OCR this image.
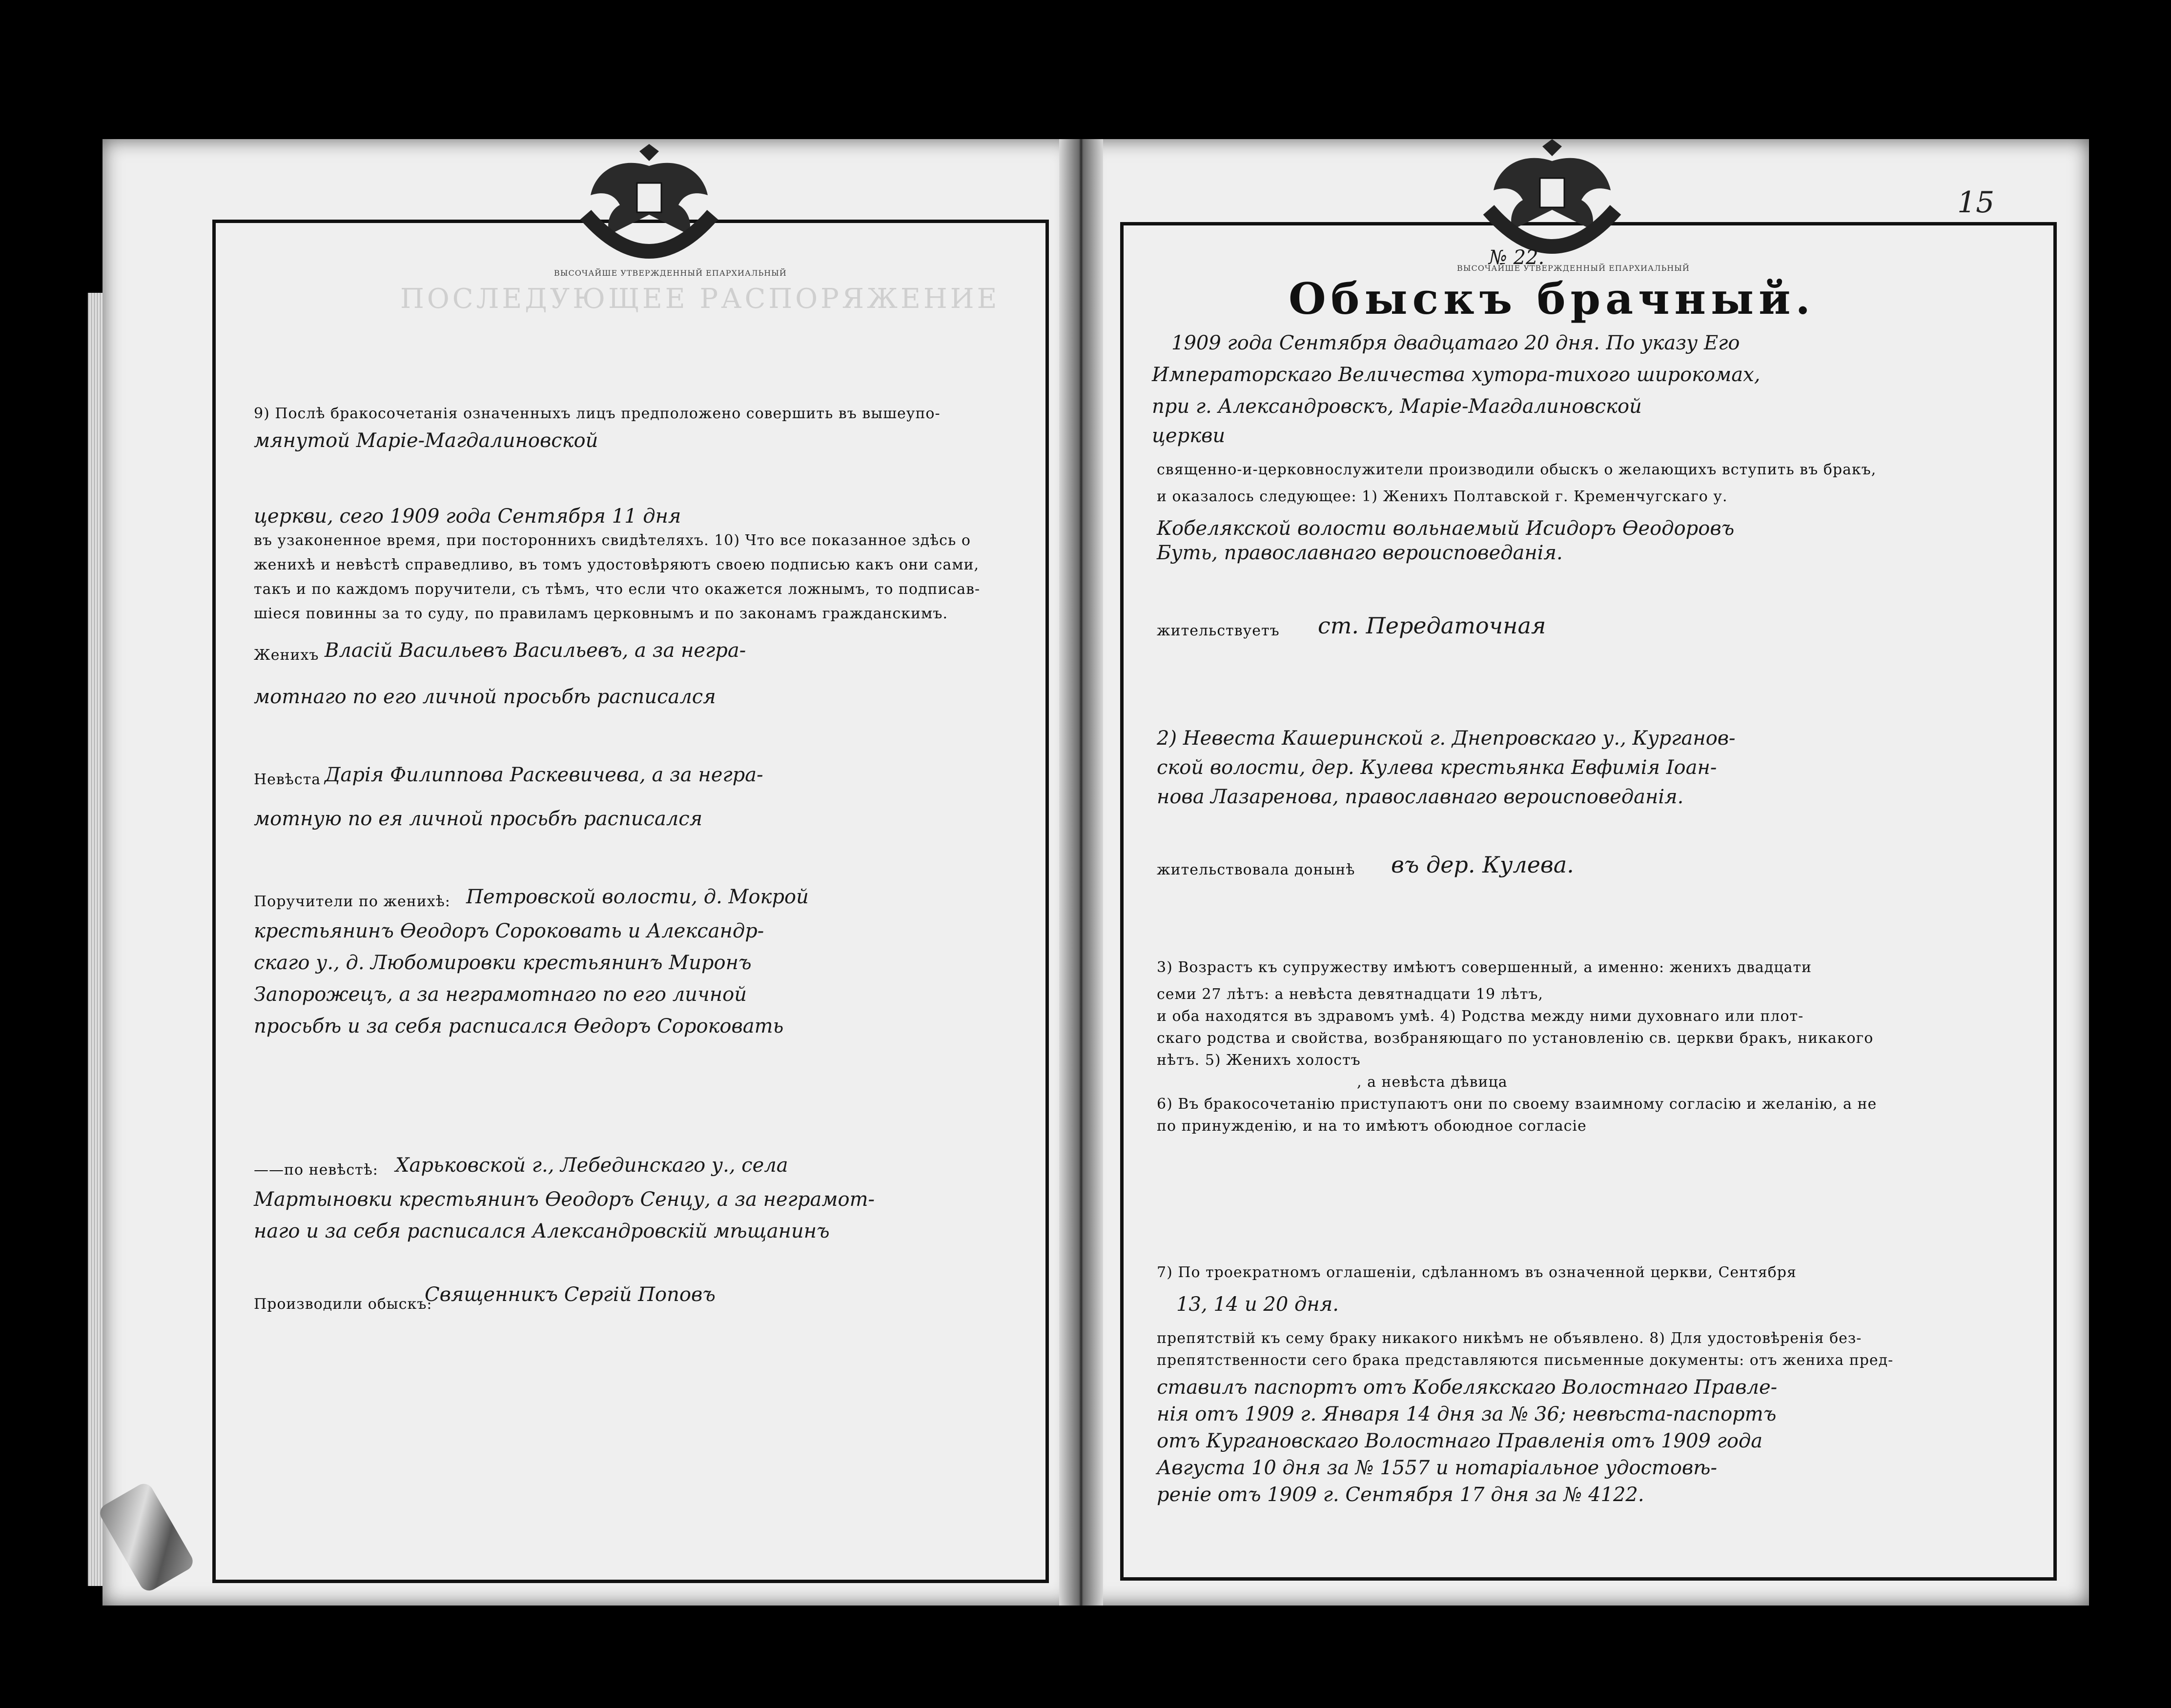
ВЫСОЧАЙШЕ УТВЕРЖДЕННЫЙ ЕПАРХИАЛЬНЫЙ
ВЫСОЧАЙШЕ УТВЕРЖДЕННЫЙ ЕПАРХИАЛЬНЫЙ
ПОСЛЕДУЮЩЕЕ РАСПОРЯЖЕНИЕ
15
№ 22.
Обыскъ брачный.
1909 года Сентября двадцатаго 20 дня. По указу Его
Императорскаго Величества хутора-тихого широкомах,
при г. Александровскъ, Маріе-Магдалиновской
церкви
священно-и-церковнослужители производили обыскъ о желающихъ вступить въ бракъ,
и оказалось следующее: 1) Женихъ Полтавской г. Кременчугскаго у.
Кобелякской волости вольнаемый Исидоръ Өеодоровъ
Буть, православнаго вероисповеданія.
2) Невеста Кашеринской г. Днепровскаго у., Курганов-
ской волости, дер. Кулева крестьянка Евфимія Іоан-
нова Лазаренова, православнаго вероисповеданія.
3) Возрастъ къ супружеству имѣютъ совершенный, а именно: женихъ двадцати
семи 27 лѣтъ: а невѣста девятнадцати 19 лѣтъ,
и оба находятся въ здравомъ умѣ. 4) Родства между ними духовнаго или плот-
скаго родства и свойства, возбраняющаго по установленію св. церкви бракъ, никакого
нѣтъ. 5) Женихъ холостъ
, а невѣста дѣвица
6) Въ бракосочетанію приступаютъ они по своему взаимному согласію и желанію, а не
по принужденію, и на то имѣютъ обоюдное согласіе
7) По троекратномъ оглашеніи, сдѣланномъ въ означенной церкви, Сентября
13, 14 и 20 дня.
препятствій къ сему браку никакого никѣмъ не объявлено. 8) Для удостовѣренія без-
препятственности сего брака представляются письменные документы: отъ жениха пред-
ставилъ паспортъ отъ Кобелякскаго Волостнаго Правле-
нія отъ 1909 г. Января 14 дня за № 36; невѣста-паспортъ
отъ Кургановскаго Волостнаго Правленія отъ 1909 года
Августа 10 дня за № 1557 и нотаріальное удостовѣ-
реніе отъ 1909 г. Сентября 17 дня за № 4122.
9) Послѣ бракосочетанія означенныхъ лицъ предположено совершить въ вышеупо-
мянутой Маріе-Магдалиновской
церкви, сего 1909 года Сентября 11 дня
въ узаконенное время, при постороннихъ свидѣтеляхъ. 10) Что все показанное здѣсь о
женихѣ и невѣстѣ справедливо, въ томъ удостовѣряютъ своею подписью какъ они сами,
такъ и по каждомъ поручители, съ тѣмъ, что если что окажется ложнымъ, то подписав-
шіеся повинны за то суду, по правиламъ церковнымъ и по законамъ гражданскимъ.
Женихъ Власій Васильевъ Васильевъ, а за негра-
мотнаго по его личной просьбѣ расписался
Невѣста Дарія Филиппова Раскевичева, а за негра-
мотную по ея личной просьбѣ расписался
Поручители по женихѣ: Петровской волости, д. Мокрой
крестьянинъ Өеодоръ Сороковать и Александр-
скаго у., д. Любомировки крестьянинъ Миронъ
Запорожецъ, а за неграмотнаго по его личной
просьбѣ и за себя расписался Өедоръ Сороковать
——по невѣстѣ: Харьковской г., Лебединскаго у., села
Мартыновки крестьянинъ Өеодоръ Сенцу, а за неграмот-
наго и за себя расписался Александровскій мѣщанинъ
Производили обыскъ:
Священникъ Сергій Поповъ
жительствуетъ ст. Передаточная
жительствовала донынѣ въ дер. Кулева.
